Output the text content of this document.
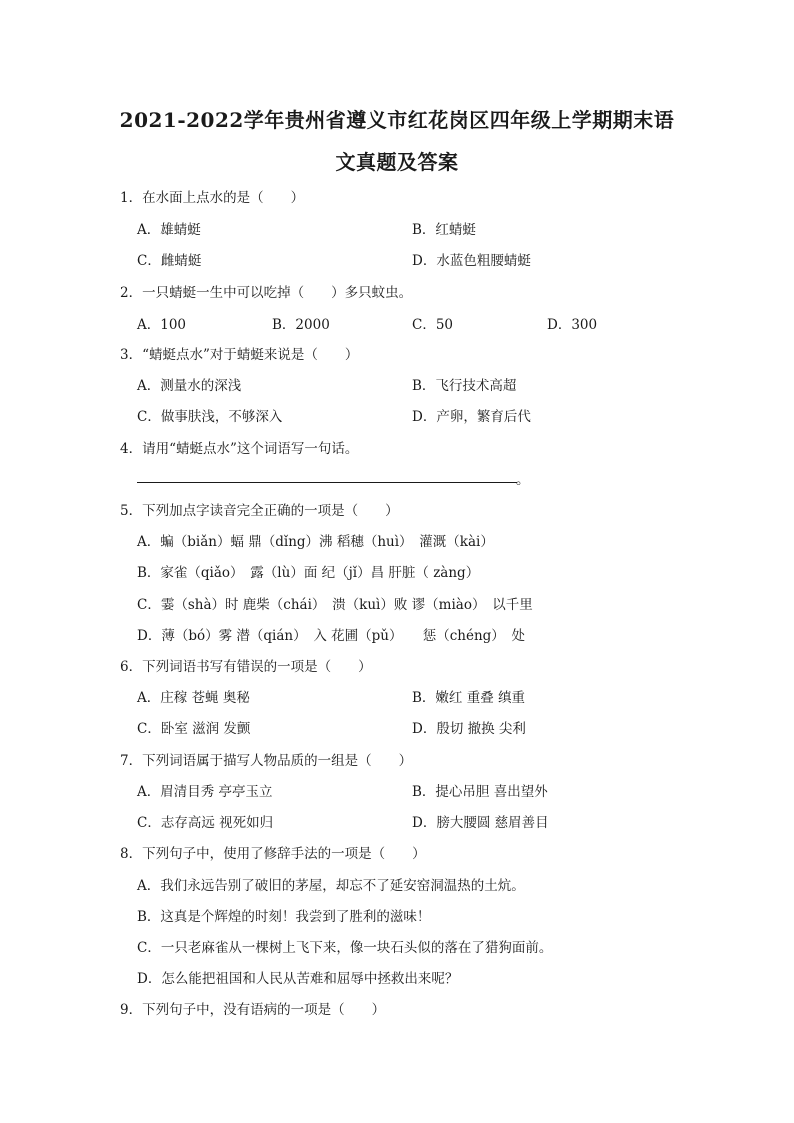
2021-2022学年贵州省遵义市红花岗区四年级上学期期末语
文真题及答案
1．在水面上点水的是（　　）
A．雄蜻蜓	B．红蜻蜓
C．雌蜻蜓	D．水蓝色粗腰蜻蜓
2．一只蜻蜓一生中可以吃掉（　　）多只蚊虫。
A．100	B．2000	C．50	D．300
3．“蜻蜓点水”对于蜻蜓来说是（　　）
A．测量水的深浅	B．飞行技术高超
C．做事肤浅，不够深入	D．产卵，繁育后代
4．请用“蜻蜓点水”这个词语写一句话。
。
5．下列加点字读音完全正确的一项是（　　）
A．蝙（biǎn）蝠 鼎（dǐng）沸 稻穗（huì）　灌溉（kài）
B．家雀（qiǎo）　露（lù）面 纪（jǐ）昌 肝脏（ zàng）
C．霎（shà）时 鹿柴（chái）　溃（kuì）败 谬（miào）　以千里
D．薄（bó）雾 潜（qián）　入 花圃（pǔ）　　惩（chéng）　处
6．下列词语书写有错误的一项是（　　）
A．庄稼 苍蝇 奥秘	B．嫩红 重叠 缜重
C．卧室 滋润 发颤	D．殷切 撤换 尖利
7．下列词语属于描写人物品质的一组是（　　）
A．眉清目秀 亭亭玉立	B．提心吊胆 喜出望外
C．志存高远 视死如归	D．膀大腰圆 慈眉善目
8．下列句子中，使用了修辞手法的一项是（　　）
A．我们永远告别了破旧的茅屋，却忘不了延安窑洞温热的土炕。
B．这真是个辉煌的时刻！我尝到了胜利的滋味！
C．一只老麻雀从一棵树上飞下来，像一块石头似的落在了猎狗面前。
D．怎么能把祖国和人民从苦难和屈辱中拯救出来呢？
9．下列句子中，没有语病的一项是（　　）
